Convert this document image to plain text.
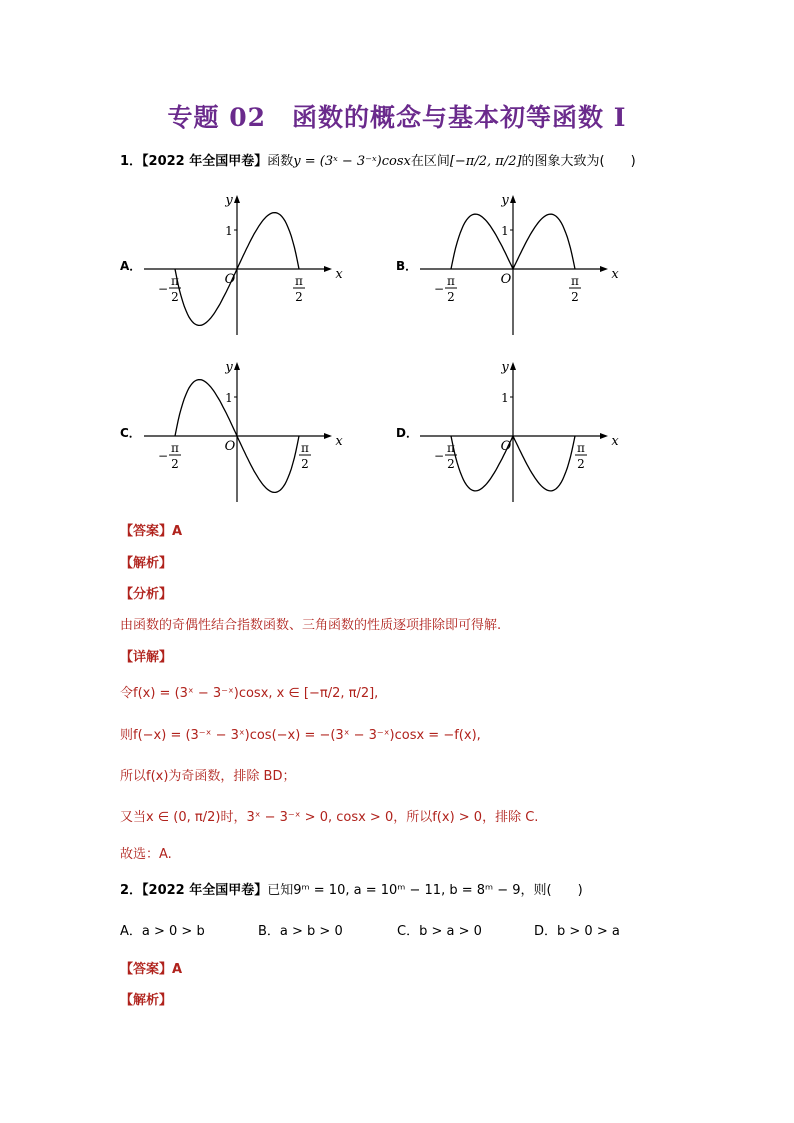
专题 02　函数的概念与基本初等函数 I
1．【2022 年全国甲卷】函数y = (3ˣ − 3⁻ˣ)cosx在区间[−π/2, π/2]的图象大致为(　　)
A．	B．
C．	D．
x
y
O
1
π
2
−
π
2
x
y
O
1
π
2
−
π
2
x
y
O
1
π
2
−
π
2
x
y
O
1
π
2
−
π
2
【答案】A
【解析】
【分析】
由函数的奇偶性结合指数函数、三角函数的性质逐项排除即可得解.
【详解】
令f(x) = (3ˣ − 3⁻ˣ)cosx, x ∈ [−π/2, π/2],
则f(−x) = (3⁻ˣ − 3ˣ)cos(−x) = −(3ˣ − 3⁻ˣ)cosx = −f(x),
所以f(x)为奇函数，排除 BD；
又当x ∈ (0, π/2)时，3ˣ − 3⁻ˣ > 0, cosx > 0，所以f(x) > 0，排除 C.
故选：A.
2．【2022 年全国甲卷】已知9ᵐ = 10, a = 10ᵐ − 11, b = 8ᵐ − 9，则(　　)
A．a > 0 > b	B．a > b > 0	C．b > a > 0	D．b > 0 > a
【答案】A
【解析】
